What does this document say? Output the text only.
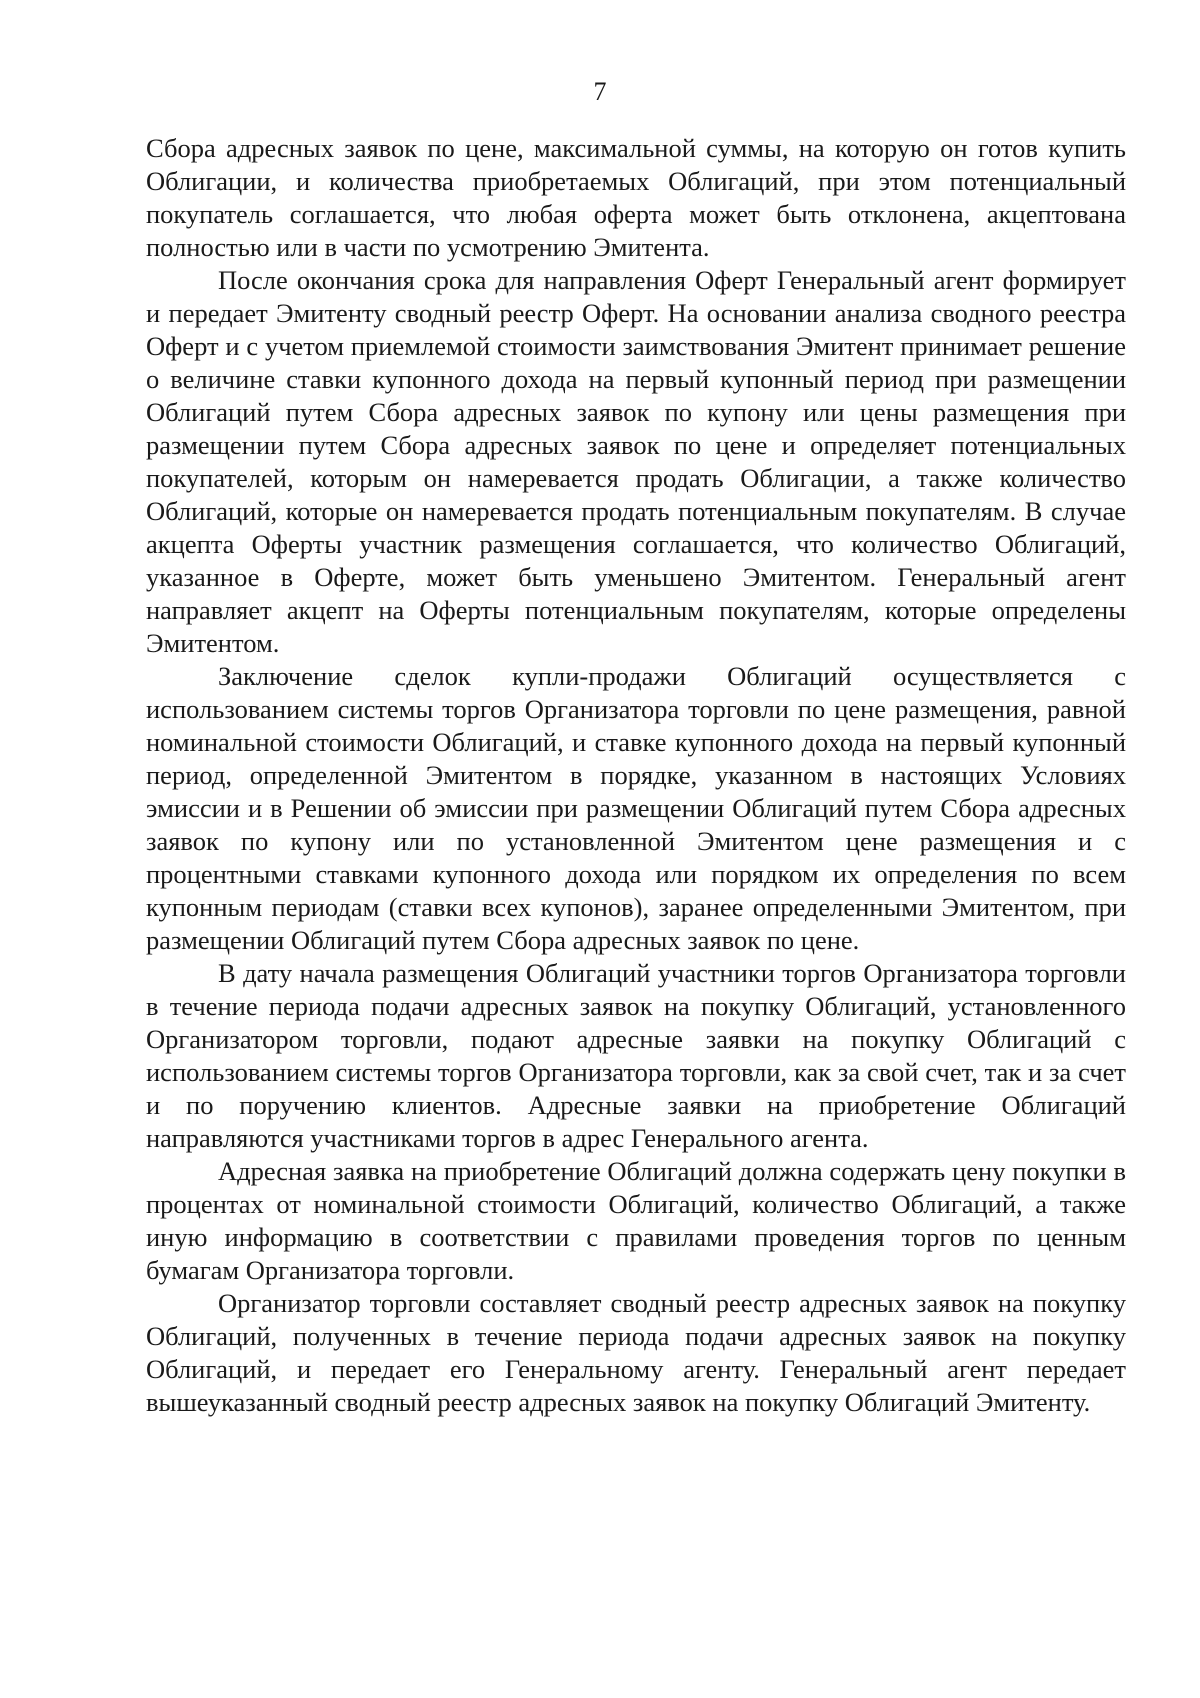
7

Сбора адресных заявок по цене, максимальной суммы, на которую он готов купить Облигации, и количества приобретаемых Облигаций, при этом потенциальный покупатель соглашается, что любая оферта может быть отклонена, акцептована полностью или в части по усмотрению Эмитента.

После окончания срока для направления Оферт Генеральный агент формирует и передает Эмитенту сводный реестр Оферт. На основании анализа сводного реестра Оферт и с учетом приемлемой стоимости заимствования Эмитент принимает решение о величине ставки купонного дохода на первый купонный период при размещении Облигаций путем Сбора адресных заявок по купону или цены размещения при размещении путем Сбора адресных заявок по цене и определяет потенциальных покупателей, которым он намеревается продать Облигации, а также количество Облигаций, которые он намеревается продать потенциальным покупателям. В случае акцепта Оферты участник размещения соглашается, что количество Облигаций, указанное в Оферте, может быть уменьшено Эмитентом. Генеральный агент направляет акцепт на Оферты потенциальным покупателям, которые определены Эмитентом.

Заключение сделок купли-продажи Облигаций осуществляется с использованием системы торгов Организатора торговли по цене размещения, равной номинальной стоимости Облигаций, и ставке купонного дохода на первый купонный период, определенной Эмитентом в порядке, указанном в настоящих Условиях эмиссии и в Решении об эмиссии при размещении Облигаций путем Сбора адресных заявок по купону или по установленной Эмитентом цене размещения и с процентными ставками купонного дохода или порядком их определения по всем купонным периодам (ставки всех купонов), заранее определенными Эмитентом, при размещении Облигаций путем Сбора адресных заявок по цене.

В дату начала размещения Облигаций участники торгов Организатора торговли в течение периода подачи адресных заявок на покупку Облигаций, установленного Организатором торговли, подают адресные заявки на покупку Облигаций с использованием системы торгов Организатора торговли, как за свой счет, так и за счет и по поручению клиентов. Адресные заявки на приобретение Облигаций направляются участниками торгов в адрес Генерального агента.

Адресная заявка на приобретение Облигаций должна содержать цену покупки в процентах от номинальной стоимости Облигаций, количество Облигаций, а также иную информацию в соответствии с правилами проведения торгов по ценным бумагам Организатора торговли.

Организатор торговли составляет сводный реестр адресных заявок на покупку Облигаций, полученных в течение периода подачи адресных заявок на покупку Облигаций, и передает его Генеральному агенту. Генеральный агент передает вышеуказанный сводный реестр адресных заявок на покупку Облигаций Эмитенту.
